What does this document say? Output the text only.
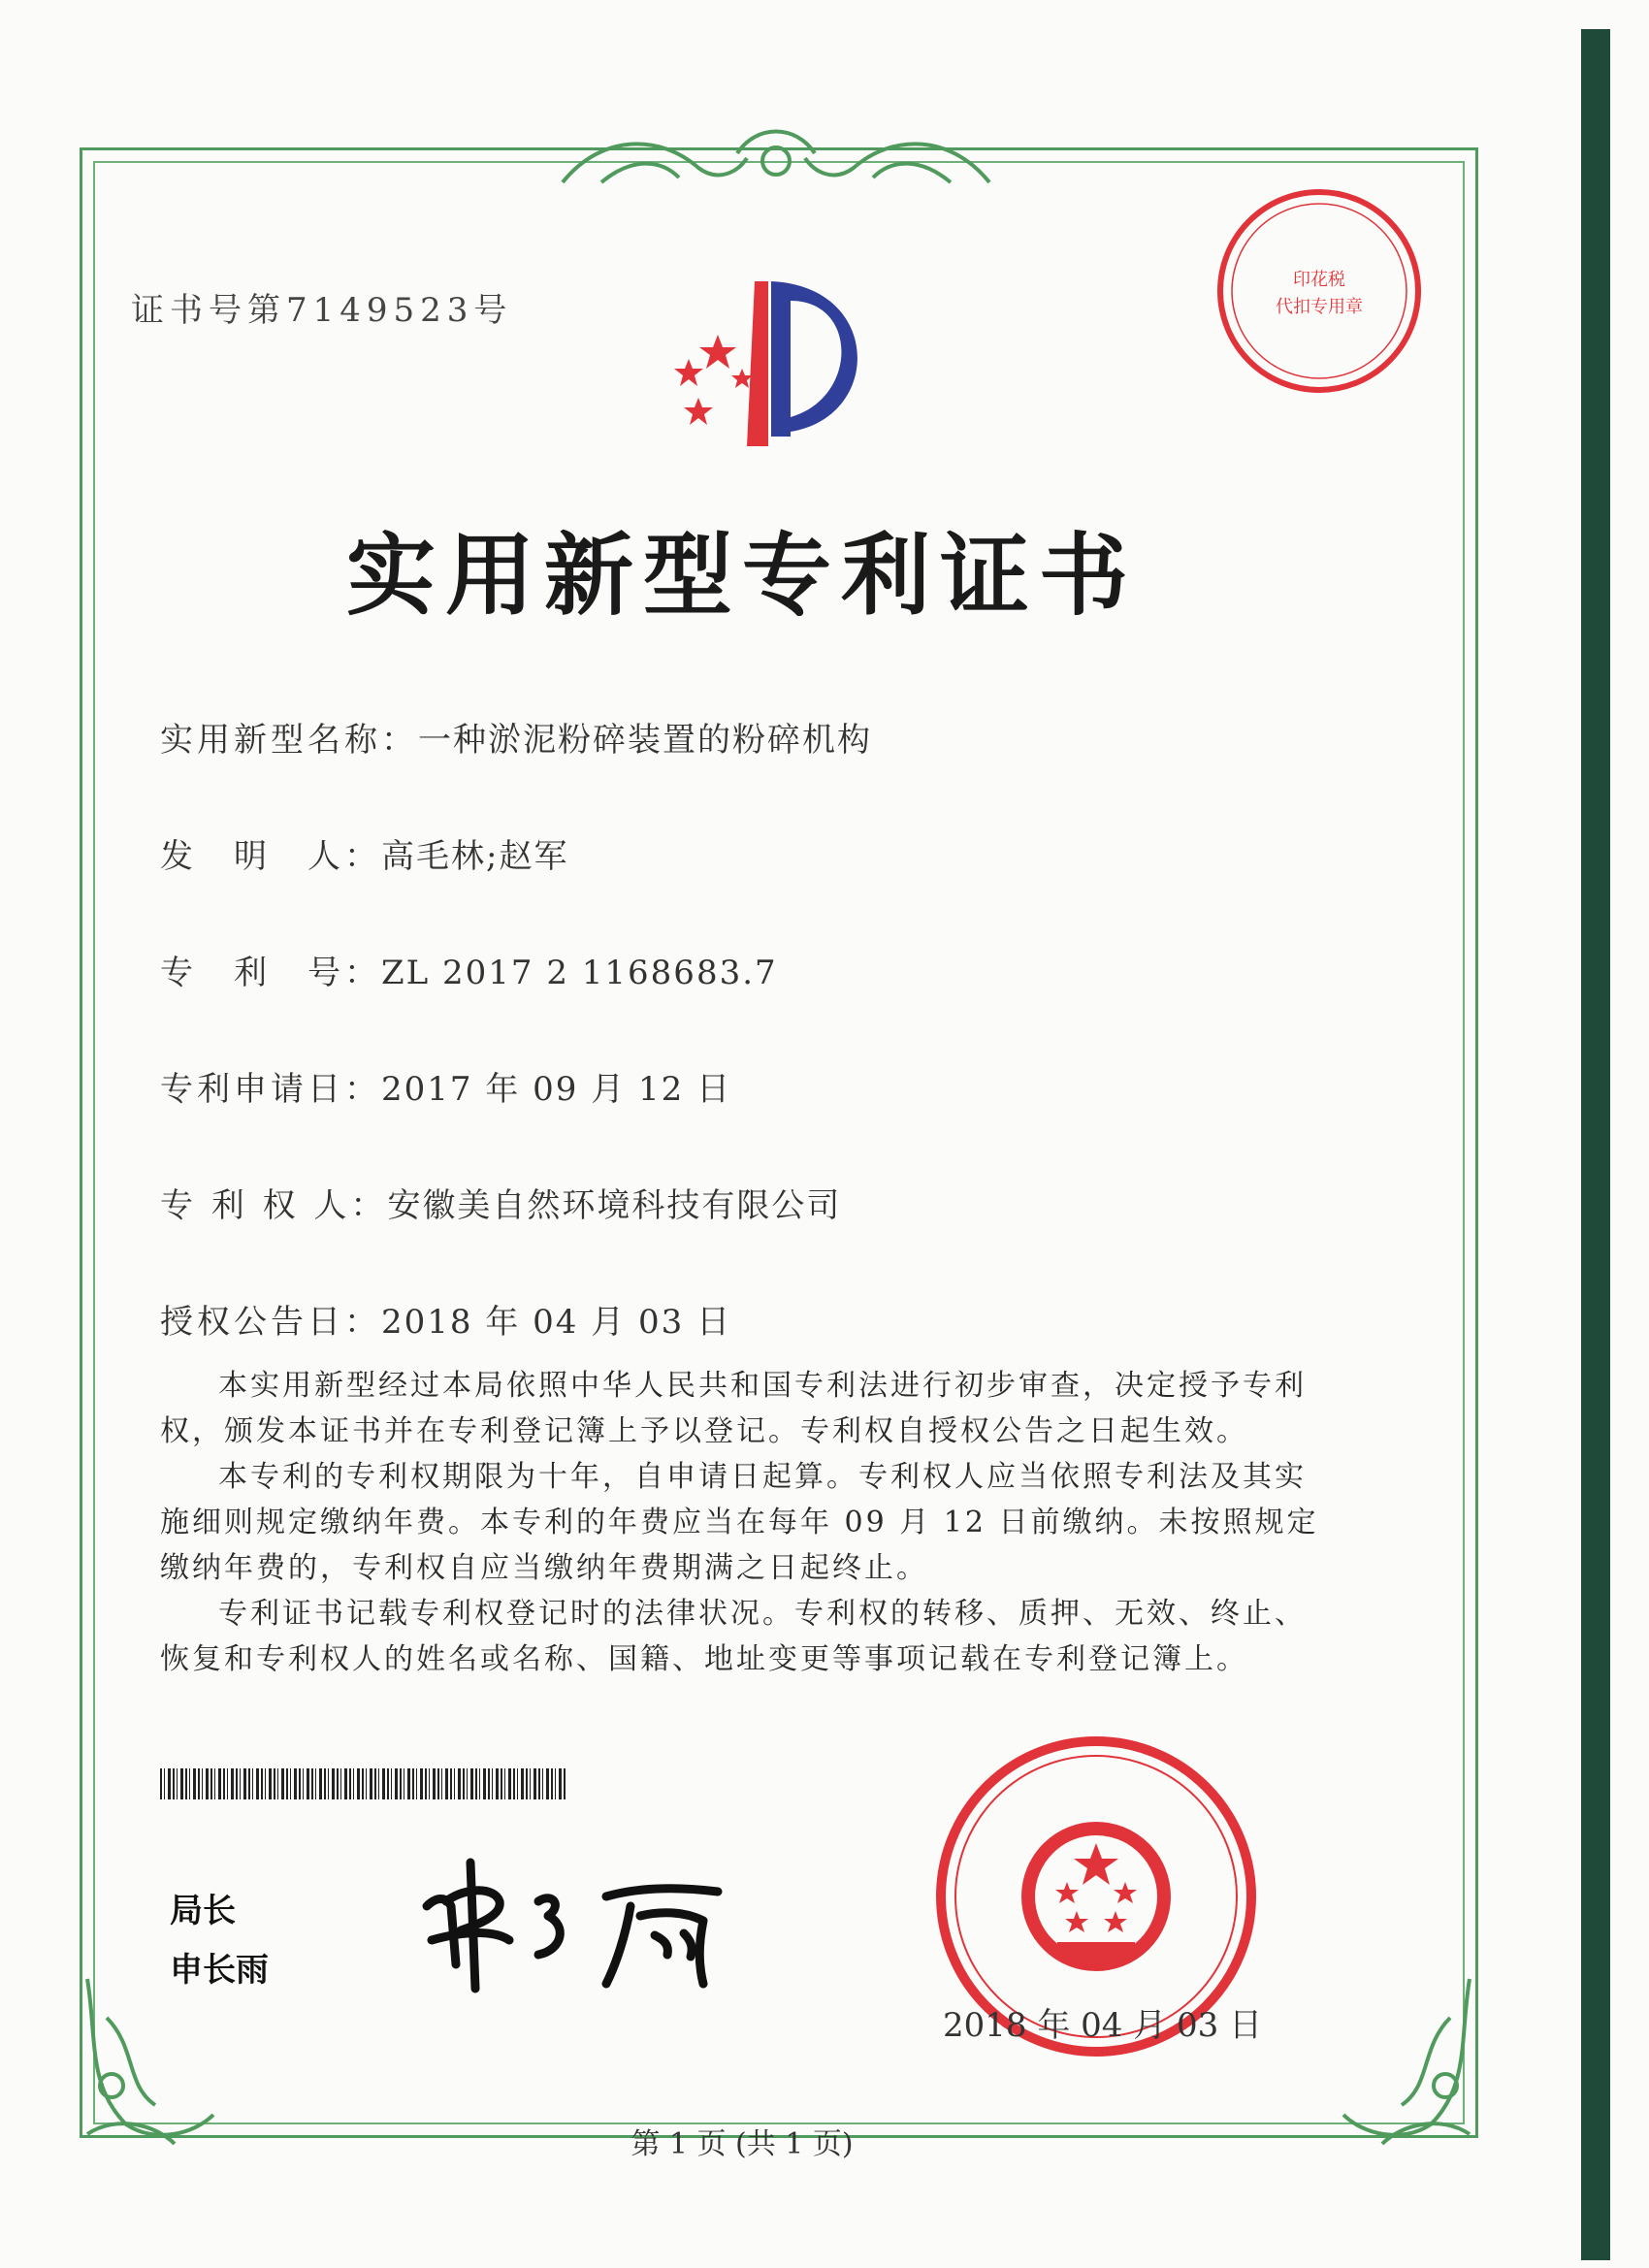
证书号第7149523号
印花税
代扣专用章
实用新型专利证书
实用新型名称：一种淤泥粉碎装置的粉碎机构
发　明　人：高毛林;赵军
专　利　号：ZL 2017 2 1168683.7
专利申请日：2017 年 09 月 12 日
专 利 权 人：安徽美自然环境科技有限公司
授权公告日：2018 年 04 月 03 日

本实用新型经过本局依照中华人民共和国专利法进行初步审查，决定授予专利权，颁发本证书并在专利登记簿上予以登记。专利权自授权公告之日起生效。

本专利的专利权期限为十年，自申请日起算。专利权人应当依照专利法及其实施细则规定缴纳年费。本专利的年费应当在每年 09 月 12 日前缴纳。未按照规定缴纳年费的，专利权自应当缴纳年费期满之日起终止。

专利证书记载专利权登记时的法律状况。专利权的转移、质押、无效、终止、恢复和专利权人的姓名或名称、国籍、地址变更等事项记载在专利登记簿上。

局长
申长雨
2018 年 04 月 03 日
第 1 页 (共 1 页)
